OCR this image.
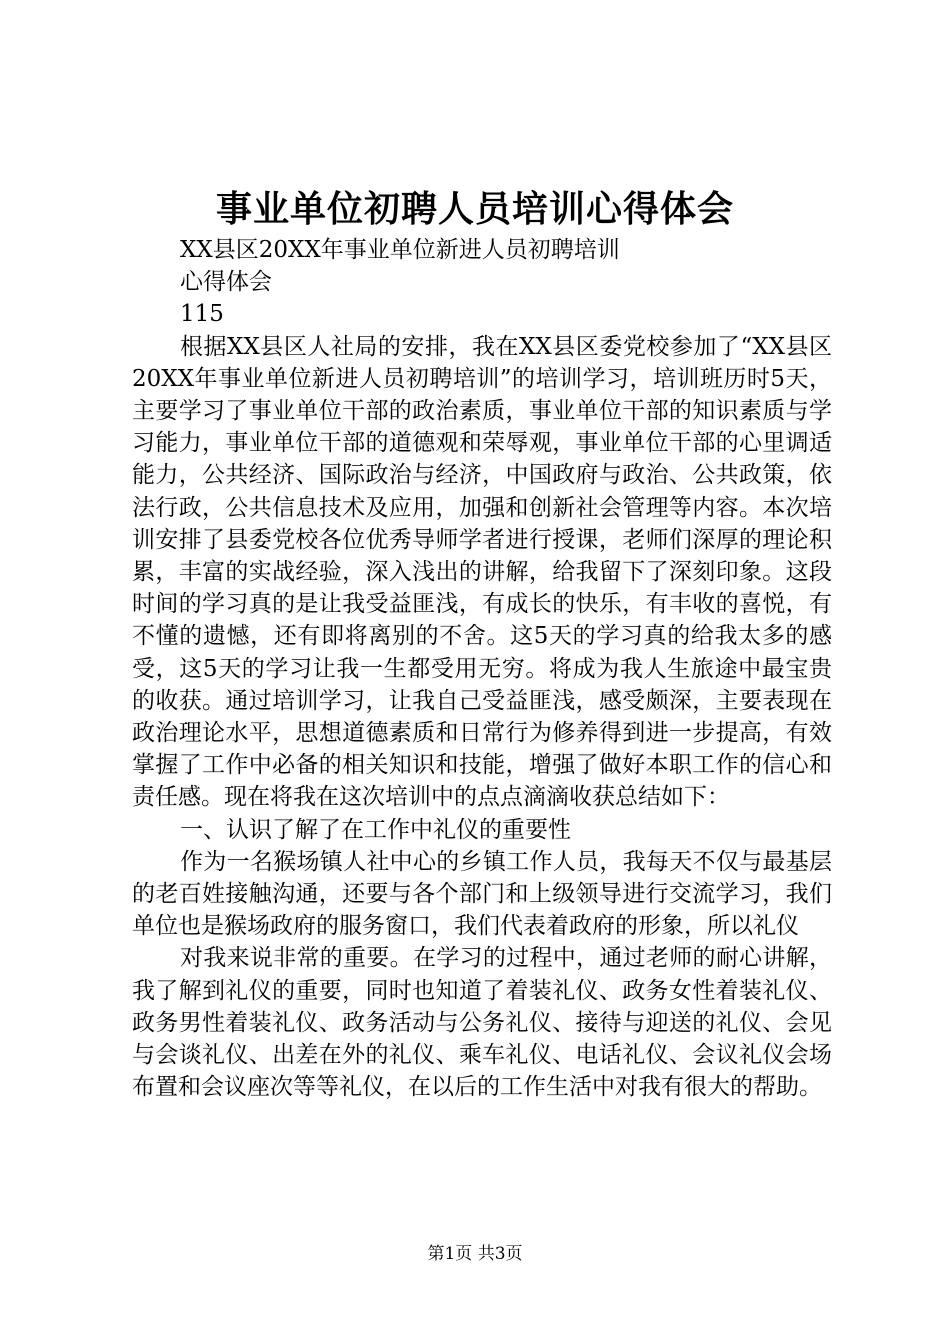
事业单位初聘人员培训心得体会

XX县区20XX年事业单位新进人员初聘培训

心得体会

115

根据XX县区人社局的安排，我在XX县区委党校参加了“XX县区20XX年事业单位新进人员初聘培训”的培训学习，培训班历时5天，主要学习了事业单位干部的政治素质，事业单位干部的知识素质与学习能力，事业单位干部的道德观和荣辱观，事业单位干部的心里调适能力，公共经济、国际政治与经济，中国政府与政治、公共政策，依法行政，公共信息技术及应用，加强和创新社会管理等内容。本次培训安排了县委党校各位优秀导师学者进行授课，老师们深厚的理论积累，丰富的实战经验，深入浅出的讲解，给我留下了深刻印象。这段时间的学习真的是让我受益匪浅，有成长的快乐，有丰收的喜悦，有不懂的遗憾，还有即将离别的不舍。这5天的学习真的给我太多的感受，这5天的学习让我一生都受用无穷。将成为我人生旅途中最宝贵的收获。通过培训学习，让我自己受益匪浅，感受颇深，主要表现在政治理论水平，思想道德素质和日常行为修养得到进一步提高，有效掌握了工作中必备的相关知识和技能，增强了做好本职工作的信心和责任感。现在将我在这次培训中的点点滴滴收获总结如下：

一、认识了解了在工作中礼仪的重要性

作为一名猴场镇人社中心的乡镇工作人员，我每天不仅与最基层的老百姓接触沟通，还要与各个部门和上级领导进行交流学习，我们单位也是猴场政府的服务窗口，我们代表着政府的形象，所以礼仪

对我来说非常的重要。在学习的过程中，通过老师的耐心讲解，我了解到礼仪的重要，同时也知道了着装礼仪、政务女性着装礼仪、政务男性着装礼仪、政务活动与公务礼仪、接待与迎送的礼仪、会见与会谈礼仪、出差在外的礼仪、乘车礼仪、电话礼仪、会议礼仪会场布置和会议座次等等礼仪，在以后的工作生活中对我有很大的帮助。

第1页 共3页
